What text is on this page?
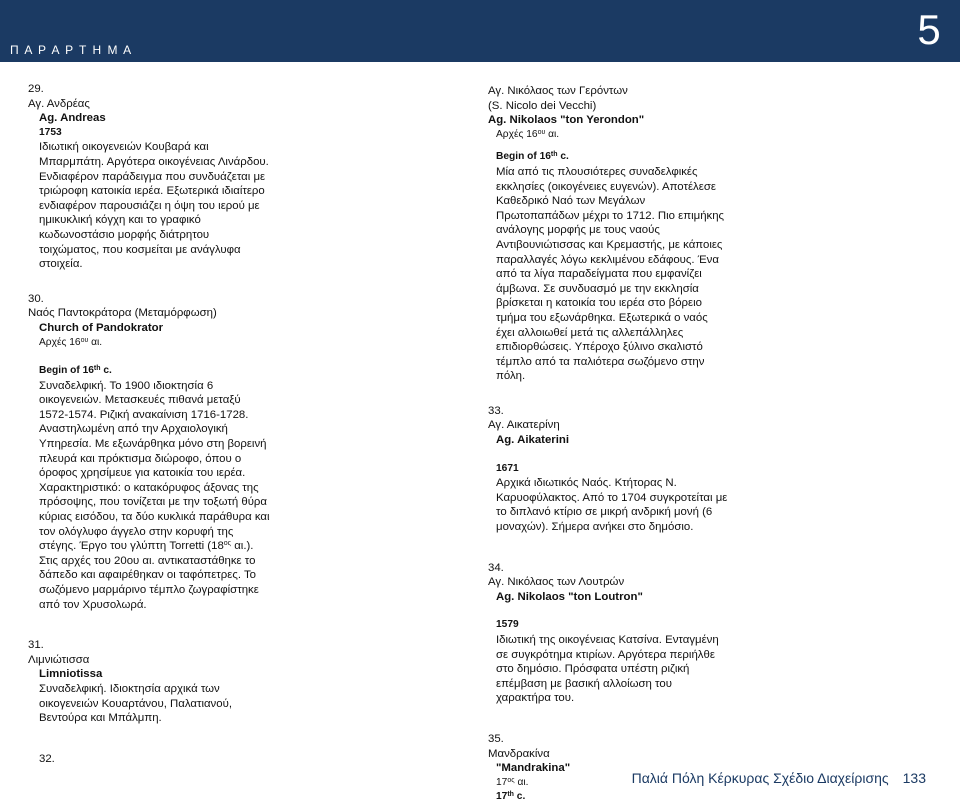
Π Α Ρ Α Ρ Τ Η Μ Α	5
29.
Αγ. Ανδρέας
Ag. Andreas
1753
Ιδιωτική οικογενειών Κουβαρά και
Μπαρμπάτη. Αργότερα οικογένειας Λινάρδου.
Ενδιαφέρον παράδειγμα που συνδυάζεται με
τριώροφη κατοικία ιερέα. Εξωτερικά ιδιαίτερο
ενδιαφέρον παρουσιάζει η όψη του ιερού με
ημικυκλική κόγχη και το γραφικό
κωδωνοστάσιο μορφής διάτρητου
τοιχώματος, που κοσμείται με ανάγλυφα
στοιχεία.
30.
Ναός Παντοκράτορα (Μεταμόρφωση)
Church of Pandokrator
Αρχές $16^{o\upsilon}$ αι.
Begin of 16th c.
Συναδελφική. Το 1900 ιδιοκτησία 6
οικογενειών. Μετασκευές πιθανά μεταξύ
1572-1574. Ριζική ανακαίνιση 1716-1728.
Αναστηλωμένη από την Αρχαιολογική
Υπηρεσία. Με εξωνάρθηκα μόνο στη βορεινή
πλευρά και πρόκτισμα διώροφο, όπου ο
όροφος χρησίμευε για κατοικία του ιερέα.
Χαρακτηριστικό: ο κατακόρυφος άξονας της
πρόσοψης, που τονίζεται με την τοξωτή θύρα
κύριας εισόδου, τα δύο κυκλικά παράθυρα και
τον ολόγλυφο άγγελο στην κορυφή της
στέγης. Έργο του γλύπτη Torretti ($18^{o\varsigma}$ αι.).
Στις αρχές του 20ου αι. αντικαταστάθηκε το
δάπεδο και αφαιρέθηκαν οι ταφόπετρες. Το
σωζόμενο μαρμάρινο τέμπλο ζωγραφίστηκε
από τον Χρυσολωρά.
31.
Λιμνιώτισσα
Limniotissa
Συναδελφική. Ιδιοκτησία αρχικά των
οικογενειών Κουαρτάνου, Παλατιανού,
Βεντούρα και Μπάλμπη.
32.
Αγ. Νικόλαος των Γερόντων
(S. Nicolo dei Vecchi)
Ag. Nikolaos "ton Yerondon"
Αρχές $16^{o\upsilon}$ αι.
Begin of 16th c.
Μία από τις πλουσιότερες συναδελφικές
εκκλησίες (οικογένειες ευγενών). Αποτέλεσε
Καθεδρικό Ναό των Μεγάλων
Πρωτοπαπάδων μέχρι το 1712. Πιο επιμήκης
ανάλογης μορφής με τους ναούς
Αντιβουνιώτισσας και Κρεμαστής, με κάποιες
παραλλαγές λόγω κεκλιμένου εδάφους. Ένα
από τα λίγα παραδείγματα που εμφανίζει
άμβωνα. Σε συνδυασμό με την εκκλησία
βρίσκεται η κατοικία του ιερέα στο βόρειο
τμήμα του εξωνάρθηκα. Εξωτερικά ο ναός
έχει αλλοιωθεί μετά τις αλλεπάλληλες
επιδιορθώσεις. Υπέροχο ξύλινο σκαλιστό
τέμπλο από τα παλιότερα σωζόμενο στην
πόλη.
33.
Αγ. Αικατερίνη
Ag. Aikaterini
1671
Αρχικά ιδιωτικός Ναός. Κτήτορας Ν.
Καρυοφύλακτος. Από το 1704 συγκροτείται με
το διπλανό κτίριο σε μικρή ανδρική μονή (6
μοναχών). Σήμερα ανήκει στο δημόσιο.
34.
Αγ. Νικόλαος των Λουτρών
Ag. Nikolaos "ton Loutron"
1579
Ιδιωτική της οικογένειας Κατσίνα. Ενταγμένη
σε συγκρότημα κτιρίων. Αργότερα περιήλθε
στο δημόσιο. Πρόσφατα υπέστη ριζική
επέμβαση με βασική αλλοίωση του
χαρακτήρα του.
35.
Μανδρακίνα
"Mandrakina"
$17^{o\varsigma}$ αι.
17th c.
Παλιά Πόλη Κέρκυρας Σχέδιο Διαχείρισης 133
